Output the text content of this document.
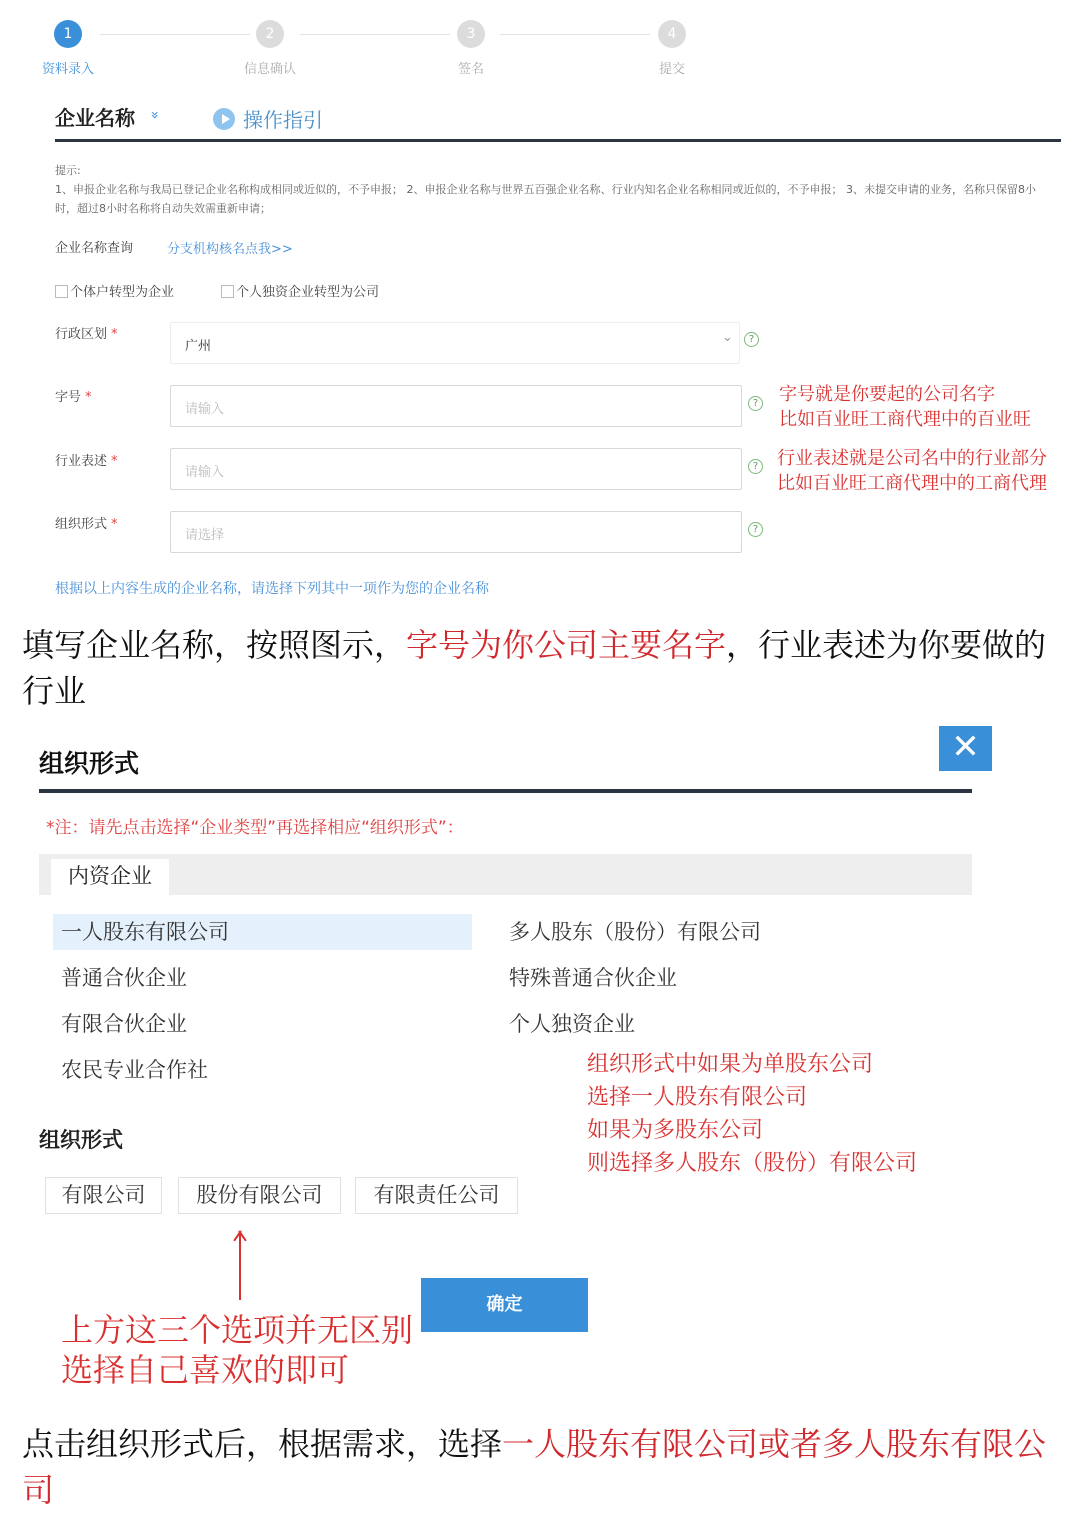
1
资料录入
2
信息确认
3
签名
4
提交
企业名称 »	操作指引
提示:
1、申报企业名称与我局已登记企业名称构成相同或近似的，不予申报； 2、申报企业名称与世界五百强企业名称、行业内知名企业名称相同或近似的，不予申报； 3、未提交申请的业务，名称只保留8小时，超过8小时名称将自动失效需重新申请；
企业名称查询	分支机构核名点我>>
个体户转型为企业	个人独资企业转型为公司
行政区划 *
广州
⌄	?
字号 *
请输入	? 字号就是你要起的公司名字
比如百业旺工商代理中的百业旺
行业表述 *
请输入	? 行业表述就是公司名中的行业部分
比如百业旺工商代理中的工商代理
组织形式 *
请选择	?
根据以上内容生成的企业名称，请选择下列其中一项作为您的企业名称
填写企业名称，按照图示，字号为你公司主要名字，行业表述为你要做的行业
组织形式	✕
*注：请先点击选择“企业类型”再选择相应“组织形式”：
内资企业
一人股东有限公司
普通合伙企业
有限合伙企业
农民专业合作社
多人股东（股份）有限公司
特殊普通合伙企业
个人独资企业
组织形式中如果为单股东公司
选择一人股东有限公司
如果为多股东公司
则选择多人股东（股份）有限公司
组织形式
有限公司	股份有限公司	有限责任公司
上方这三个选项并无区别
选择自己喜欢的即可
确定
点击组织形式后，根据需求，选择一人股东有限公司或者多人股东有限公司
